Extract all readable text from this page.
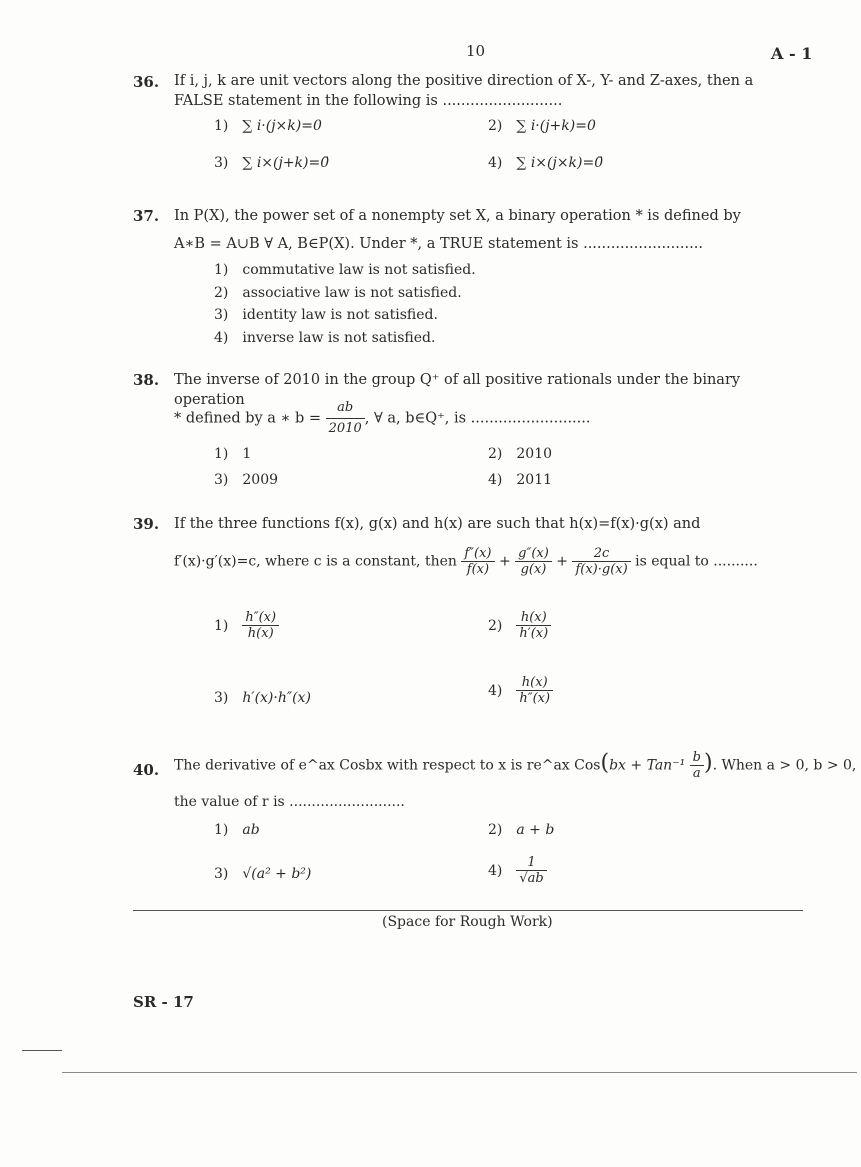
10	A - 1
36. If i, j, k are unit vectors along the positive direction of X-, Y- and Z-axes, then a FALSE statement in the following is ..........................
1) ∑ i·(j×k)=0	2) ∑ i·(j+k)=0
3) ∑ i×(j+k)=0̄	4) ∑ i×(j×k)=0̄
37. In P(X), the power set of a nonempty set X, a binary operation * is defined by
A∗B = A∪B ∀ A, B∈P(X). Under *, a TRUE statement is ..........................
1) commutative law is not satisfied.
2) associative law is not satisfied.
3) identity law is not satisfied.
4) inverse law is not satisfied.
38. The inverse of 2010 in the group Q⁺ of all positive rationals under the binary operation
* defined by a ∗ $b = \frac{ab}{2010}$ , ∀ a, b∈Q⁺, is ..........................
1) 1	2) 2010
3) 2009	4) 2011
39. If the three functions f(x), g(x) and h(x) are such that h(x)=f(x)·g(x) and
f′(x)·g′(x)=c, where c is a constant, then $\frac{f''(x)}{f(x)} + \frac{g''(x)}{g(x)} + \frac{2c}{f(x)\cdot g(x)}$ is equal to ..........
$1) \frac{h''(x)}{h(x)}$	$2) \frac{h(x)}{h'(x)}$
3) h′(x)·h″(x)	$4) \frac{h(x)}{h''(x)}$
40. The derivative of e^ax Cosbx with respect to x is re^ax $Cos(bx + Tan^{-1} \frac{b}{a}$ ). When a > 0, b > 0,
the value of r is ..........................
1) ab	2) a + b
3) √(a² + b²)	$4) \frac{1}{√ab}$
(Space for Rough Work)
SR - 17
